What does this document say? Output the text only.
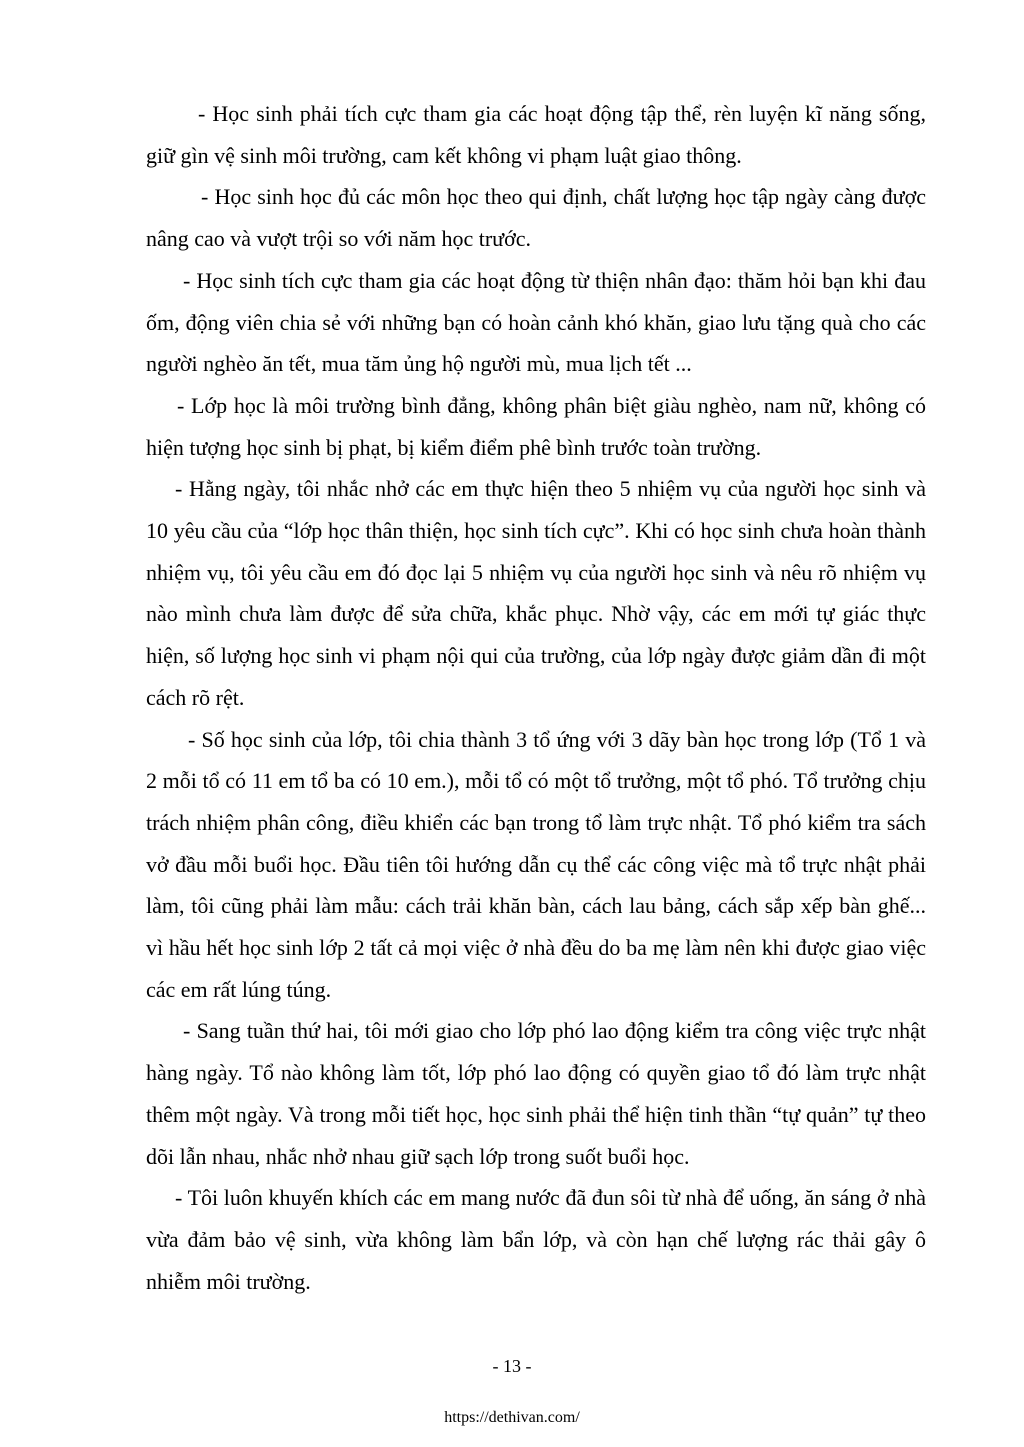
- Học sinh phải tích cực tham gia các hoạt động tập thể, rèn luyện kĩ năng sống, giữ gìn vệ sinh môi trường, cam kết không vi phạm luật giao thông.

- Học sinh học đủ các môn học theo qui định, chất lượng học tập ngày càng được nâng cao và vượt trội so với năm học trước.

- Học sinh tích cực tham gia các hoạt động từ thiện nhân đạo: thăm hỏi bạn khi đau ốm, động viên chia sẻ với những bạn có hoàn cảnh khó khăn, giao lưu tặng quà cho các người nghèo ăn tết, mua tăm ủng hộ người mù, mua lịch tết ...

- Lớp học là môi trường bình đẳng, không phân biệt giàu nghèo, nam nữ, không có hiện tượng học sinh bị phạt, bị kiểm điểm phê bình trước toàn trường.

- Hằng ngày, tôi nhắc nhở các em thực hiện theo 5 nhiệm vụ của người học sinh và 10 yêu cầu của “lớp học thân thiện, học sinh tích cực”. Khi có học sinh chưa hoàn thành nhiệm vụ, tôi yêu cầu em đó đọc lại 5 nhiệm vụ của người học sinh và nêu rõ nhiệm vụ nào mình chưa làm được để sửa chữa, khắc phục. Nhờ vậy, các em mới tự giác thực hiện, số lượng học sinh vi phạm nội qui của trường, của lớp ngày được giảm dần đi một cách rõ rệt.

- Số học sinh của lớp, tôi chia thành 3 tổ ứng với 3 dãy bàn học trong lớp (Tổ 1 và 2 mỗi tổ có 11 em tổ ba có 10 em.), mỗi tổ có một tổ trưởng, một tổ phó. Tổ trưởng chịu trách nhiệm phân công, điều khiển các bạn trong tổ làm trực nhật. Tổ phó kiểm tra sách vở đầu mỗi buổi học. Đầu tiên tôi hướng dẫn cụ thể các công việc mà tổ trực nhật phải làm, tôi cũng phải làm mẫu: cách trải khăn bàn, cách lau bảng, cách sắp xếp bàn ghế... vì hầu hết học sinh lớp 2 tất cả mọi việc ở nhà đều do ba mẹ làm nên khi được giao việc các em rất lúng túng.

- Sang tuần thứ hai, tôi mới giao cho lớp phó lao động kiểm tra công việc trực nhật hàng ngày. Tổ nào không làm tốt, lớp phó lao động có quyền giao tổ đó làm trực nhật thêm một ngày. Và trong mỗi tiết học, học sinh phải thể hiện tinh thần “tự quản” tự theo dõi lẫn nhau, nhắc nhở nhau giữ sạch lớp trong suốt buổi học.

- Tôi luôn khuyến khích các em mang nước đã đun sôi từ nhà để uống, ăn sáng ở nhà vừa đảm bảo vệ sinh, vừa không làm bẩn lớp, và còn hạn chế lượng rác thải gây ô nhiễm môi trường.

- 13 -
https://dethivan.com/
